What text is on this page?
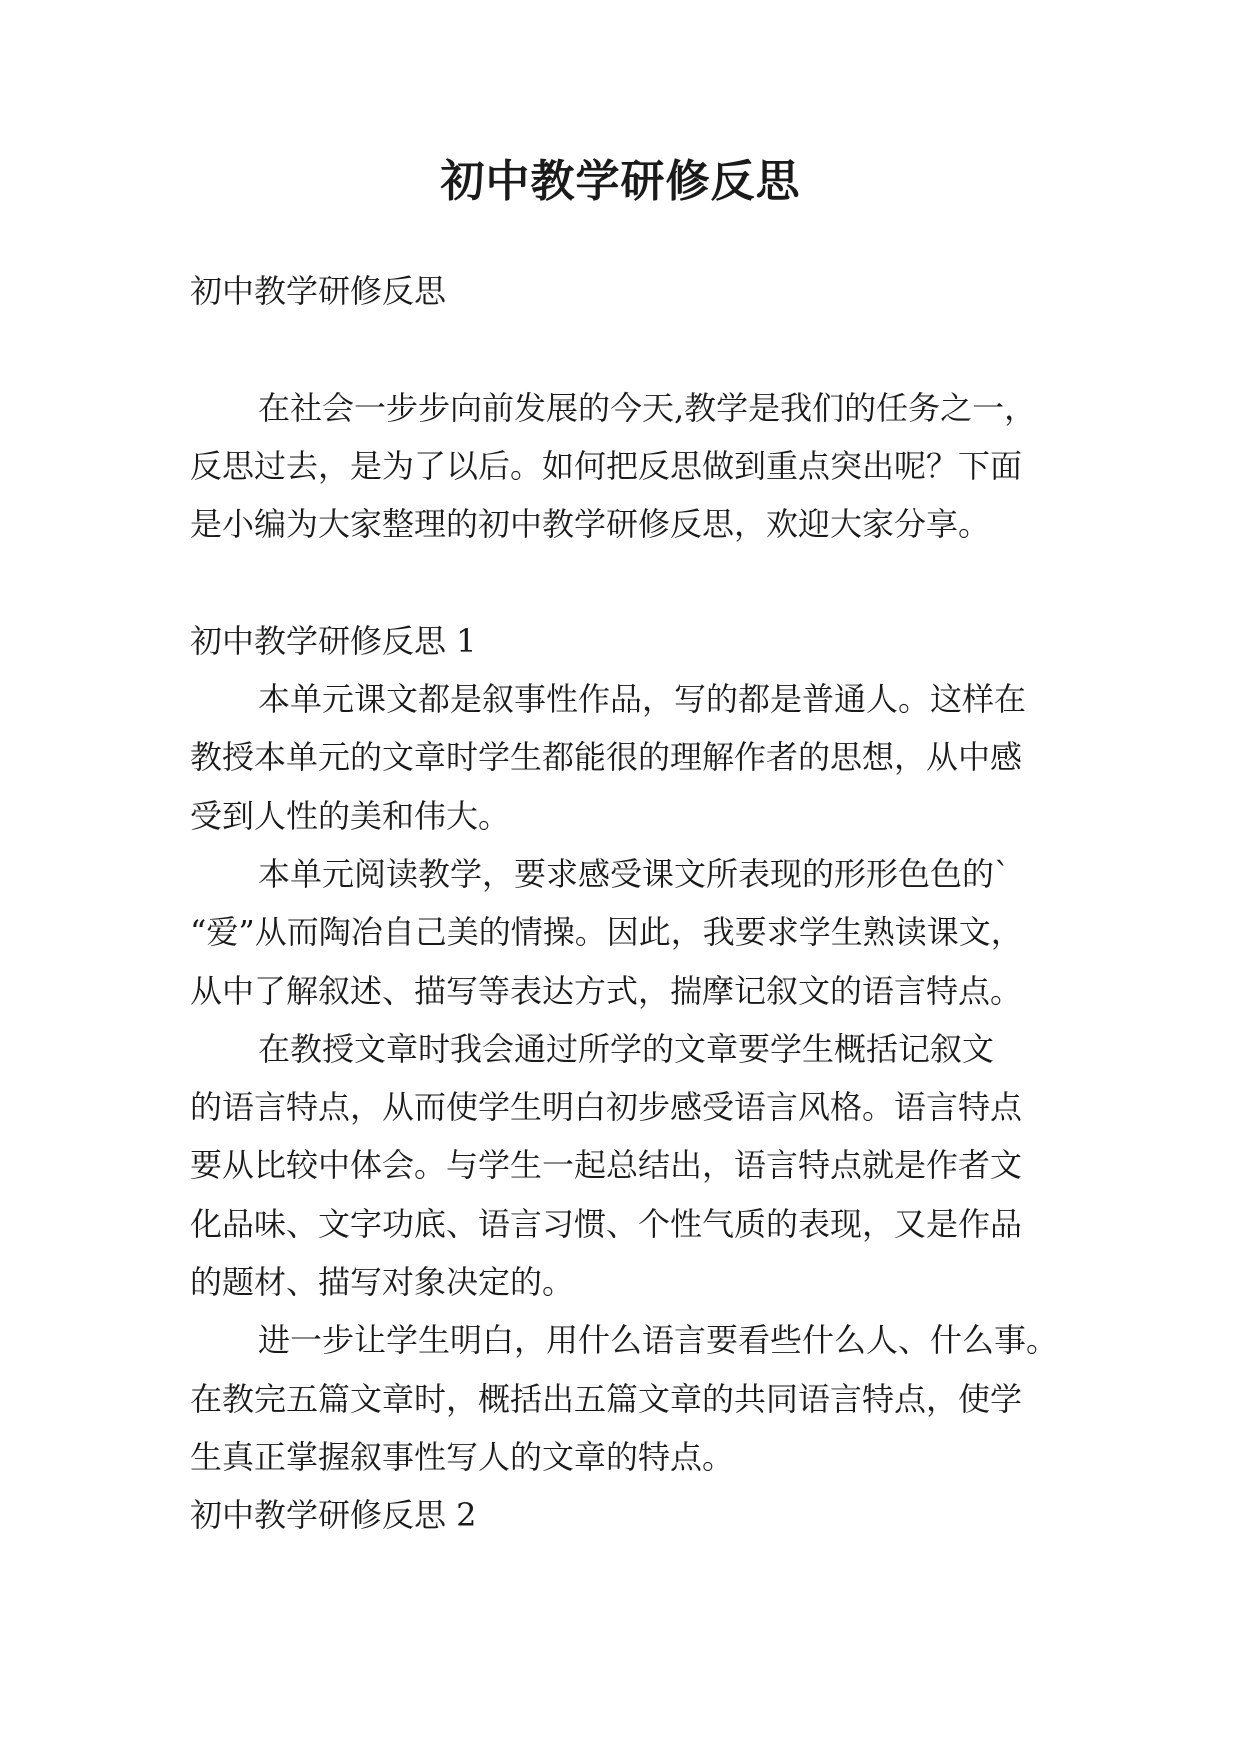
初中教学研修反思
初中教学研修反思
在社会一步步向前发展的今天,教学是我们的任务之一，
反思过去，是为了以后。如何把反思做到重点突出呢？下面
是小编为大家整理的初中教学研修反思，欢迎大家分享。
初中教学研修反思 1
本单元课文都是叙事性作品，写的都是普通人。这样在
教授本单元的文章时学生都能很的理解作者的思想，从中感
受到人性的美和伟大。
本单元阅读教学，要求感受课文所表现的形形色色的`
“爱”从而陶冶自己美的情操。因此，我要求学生熟读课文，
从中了解叙述、描写等表达方式，揣摩记叙文的语言特点。
在教授文章时我会通过所学的文章要学生概括记叙文
的语言特点，从而使学生明白初步感受语言风格。语言特点
要从比较中体会。与学生一起总结出，语言特点就是作者文
化品味、文字功底、语言习惯、个性气质的表现，又是作品
的题材、描写对象决定的。
进一步让学生明白，用什么语言要看些什么人、什么事。
在教完五篇文章时，概括出五篇文章的共同语言特点，使学
生真正掌握叙事性写人的文章的特点。
初中教学研修反思 2
